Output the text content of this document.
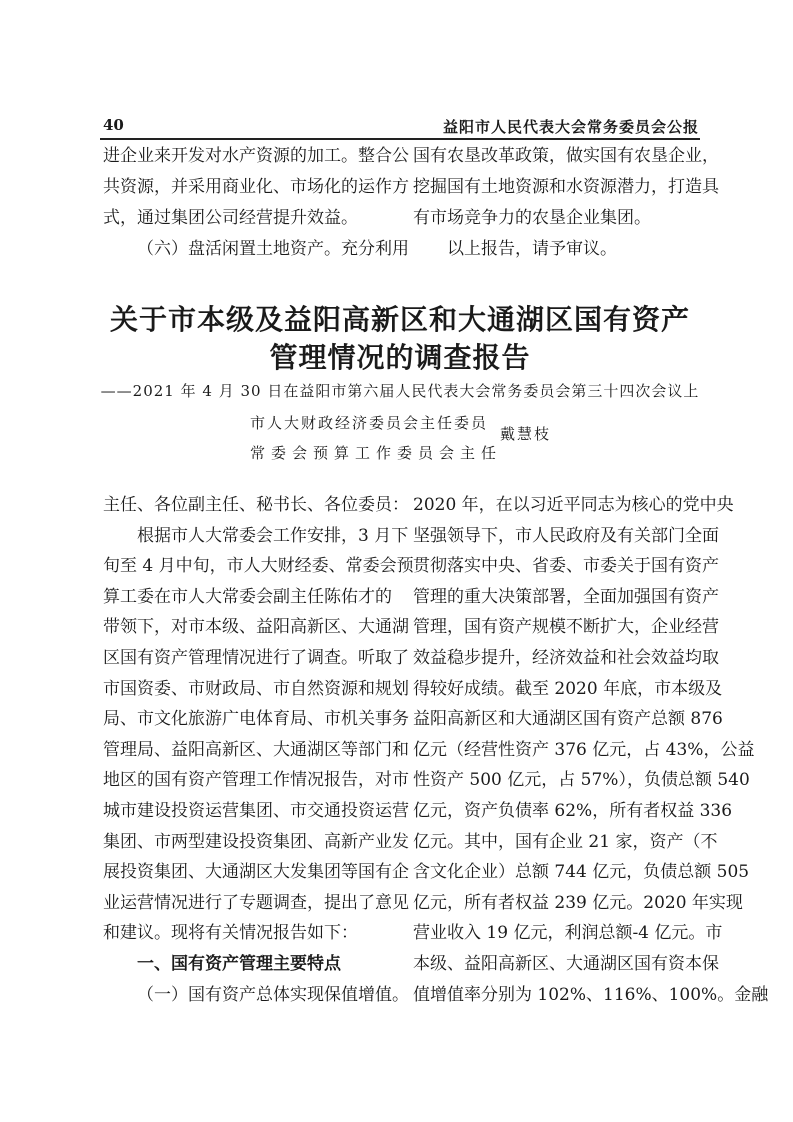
40	益阳市人民代表大会常务委员会公报

进企业来开发对水产资源的加工。整合公

共资源，并采用商业化、市场化的运作方

式，通过集团公司经营提升效益。

（六）盘活闲置土地资产。充分利用

国有农垦改革政策，做实国有农垦企业，

挖掘国有土地资源和水资源潜力，打造具

有市场竞争力的农垦企业集团。

以上报告，请予审议。

关于市本级及益阳高新区和大通湖区国有资产
管理情况的调查报告

——2021 年 4 月 30 日在益阳市第六届人民代表大会常务委员会第三十四次会议上

市人大财政经济委员会主任委员

常委会预算工作委员会主任

戴慧枝

主任、各位副主任、秘书长、各位委员：

根据市人大常委会工作安排，3 月下

旬至 4 月中旬，市人大财经委、常委会预

算工委在市人大常委会副主任陈佑才的

带领下，对市本级、益阳高新区、大通湖

区国有资产管理情况进行了调查。听取了

市国资委、市财政局、市自然资源和规划

局、市文化旅游广电体育局、市机关事务

管理局、益阳高新区、大通湖区等部门和

地区的国有资产管理工作情况报告，对市

城市建设投资运营集团、市交通投资运营

集团、市两型建设投资集团、高新产业发

展投资集团、大通湖区大发集团等国有企

业运营情况进行了专题调查，提出了意见

和建议。现将有关情况报告如下：

一、国有资产管理主要特点

（一）国有资产总体实现保值增值。

2020 年，在以习近平同志为核心的党中央

坚强领导下，市人民政府及有关部门全面

贯彻落实中央、省委、市委关于国有资产

管理的重大决策部署，全面加强国有资产

管理，国有资产规模不断扩大，企业经营

效益稳步提升，经济效益和社会效益均取

得较好成绩。截至 2020 年底，市本级及

益阳高新区和大通湖区国有资产总额 876

亿元（经营性资产 376 亿元，占 43%，公益

性资产 500 亿元，占 57%），负债总额 540

亿元，资产负债率 62%，所有者权益 336

亿元。其中，国有企业 21 家，资产（不

含文化企业）总额 744 亿元，负债总额 505

亿元，所有者权益 239 亿元。2020 年实现

营业收入 19 亿元，利润总额-4 亿元。市

本级、益阳高新区、大通湖区国有资本保

值增值率分别为 102%、116%、100%。金融
